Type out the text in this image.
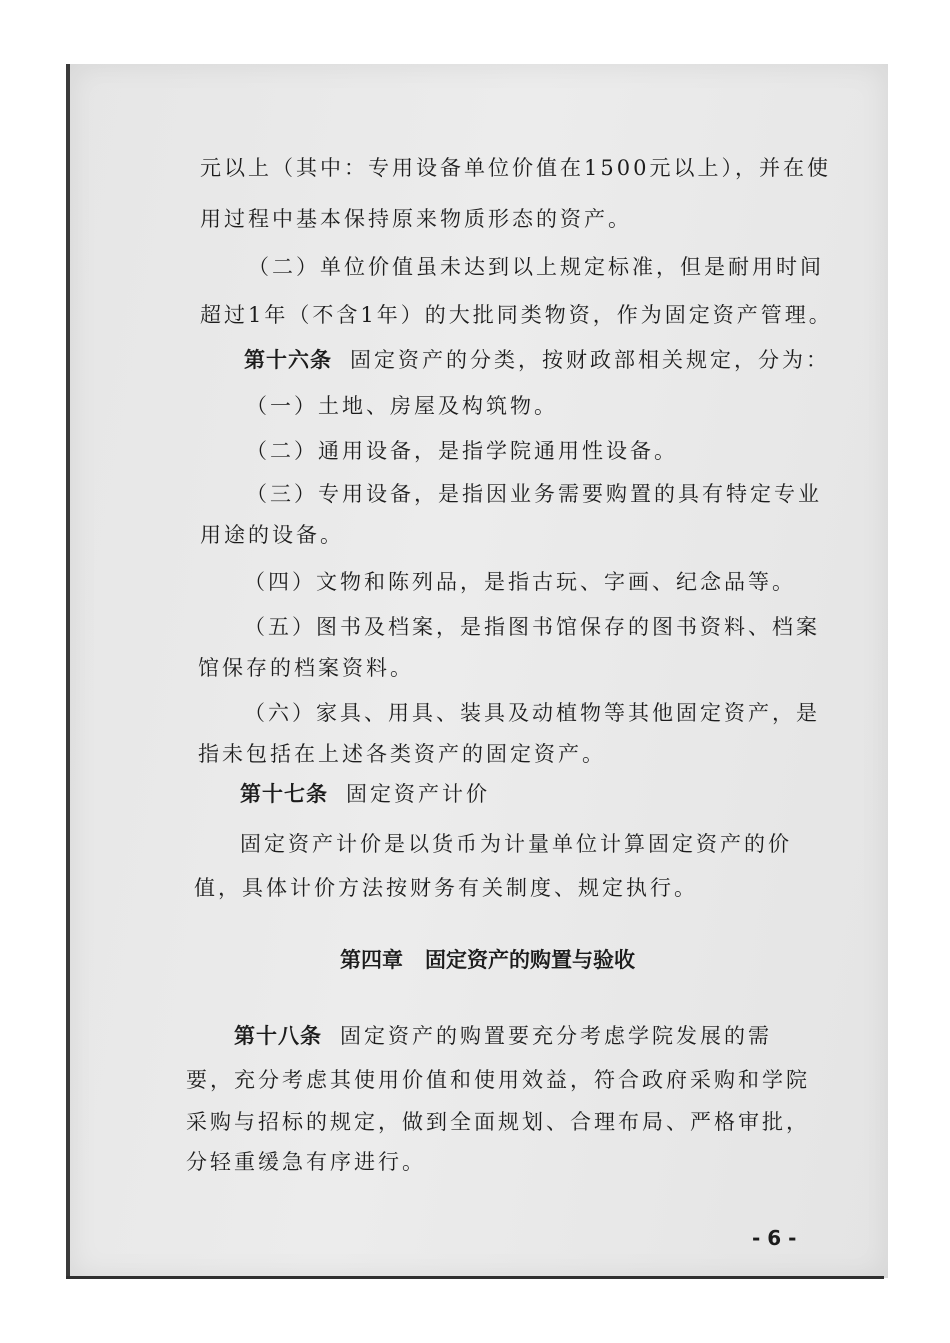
元以上（其中：专用设备单位价值在1500元以上），并在使
用过程中基本保持原来物质形态的资产。
（二）单位价值虽未达到以上规定标准，但是耐用时间
超过1年（不含1年）的大批同类物资，作为固定资产管理。
第十六条 固定资产的分类，按财政部相关规定，分为：
（一）土地、房屋及构筑物。
（二）通用设备，是指学院通用性设备。
（三）专用设备，是指因业务需要购置的具有特定专业
用途的设备。
（四）文物和陈列品，是指古玩、字画、纪念品等。
（五）图书及档案，是指图书馆保存的图书资料、档案
馆保存的档案资料。
（六）家具、用具、装具及动植物等其他固定资产，是
指未包括在上述各类资产的固定资产。
第十七条 固定资产计价
固定资产计价是以货币为计量单位计算固定资产的价
值，具体计价方法按财务有关制度、规定执行。
第四章 固定资产的购置与验收
第十八条 固定资产的购置要充分考虑学院发展的需
要，充分考虑其使用价值和使用效益，符合政府采购和学院
采购与招标的规定，做到全面规划、合理布局、严格审批，
分轻重缓急有序进行。
- 6 -
